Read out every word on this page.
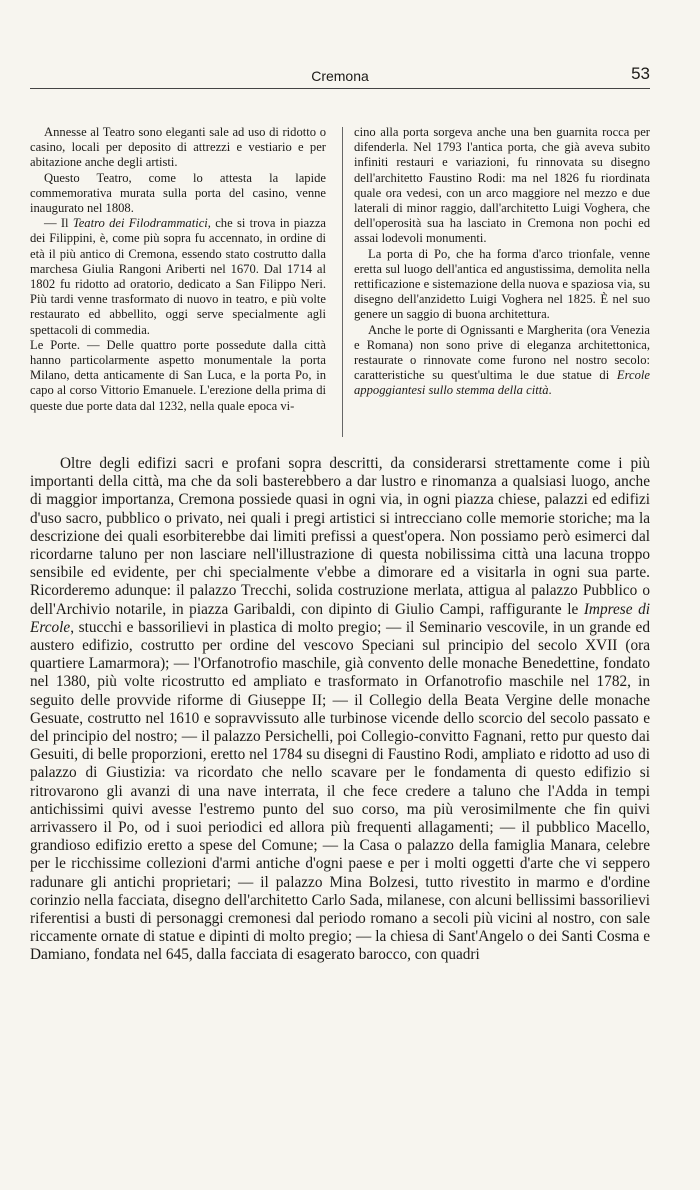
Cremona	53

Annesse al Teatro sono eleganti sale ad uso di ridotto o casino, locali per deposito di attrezzi e vestiario e per abitazione anche degli artisti.

Questo Teatro, come lo attesta la lapide commemorativa murata sulla porta del casino, venne inaugurato nel 1808.

— Il Teatro dei Filodrammatici, che si trova in piazza dei Filippini, è, come più sopra fu accennato, in ordine di età il più antico di Cremona, essendo stato costrutto dalla marchesa Giulia Rangoni Ariberti nel 1670. Dal 1714 al 1802 fu ridotto ad oratorio, dedicato a San Filippo Neri. Più tardi venne trasformato di nuovo in teatro, e più volte restaurato ed abbellito, oggi serve specialmente agli spettacoli di commedia.

Le Porte. — Delle quattro porte possedute dalla città hanno particolarmente aspetto monumentale la porta Milano, detta anticamente di San Luca, e la porta Po, in capo al corso Vittorio Emanuele. L'erezione della prima di queste due porte data dal 1232, nella quale epoca vi-

cino alla porta sorgeva anche una ben guarnita rocca per difenderla. Nel 1793 l'antica porta, che già aveva subito infiniti restauri e variazioni, fu rinnovata su disegno dell'architetto Faustino Rodi: ma nel 1826 fu riordinata quale ora vedesi, con un arco maggiore nel mezzo e due laterali di minor raggio, dall'architetto Luigi Voghera, che dell'operosità sua ha lasciato in Cremona non pochi ed assai lodevoli monumenti.

La porta di Po, che ha forma d'arco trionfale, venne eretta sul luogo dell'antica ed angustissima, demolita nella rettificazione e sistemazione della nuova e spaziosa via, su disegno dell'anzidetto Luigi Voghera nel 1825. È nel suo genere un saggio di buona architettura.

Anche le porte di Ognissanti e Margherita (ora Venezia e Romana) non sono prive di eleganza architettonica, restaurate o rinnovate come furono nel nostro secolo: caratteristiche su quest'ultima le due statue di Ercole appoggiantesi sullo stemma della città.

Oltre degli edifizi sacri e profani sopra descritti, da considerarsi strettamente come i più importanti della città, ma che da soli basterebbero a dar lustro e rinomanza a qualsiasi luogo, anche di maggior importanza, Cremona possiede quasi in ogni via, in ogni piazza chiese, palazzi ed edifizi d'uso sacro, pubblico o privato, nei quali i pregi artistici si intrecciano colle memorie storiche; ma la descrizione dei quali esorbiterebbe dai limiti prefissi a quest'opera. Non possiamo però esimerci dal ricordarne taluno per non lasciare nell'illustrazione di questa nobilissima città una lacuna troppo sensibile ed evidente, per chi specialmente v'ebbe a dimorare ed a visitarla in ogni sua parte. Ricorderemo adunque: il palazzo Trecchi, solida costruzione merlata, attigua al palazzo Pubblico o dell'Archivio notarile, in piazza Garibaldi, con dipinto di Giulio Campi, raffigurante le Imprese di Ercole, stucchi e bassorilievi in plastica di molto pregio; — il Seminario vescovile, in un grande ed austero edifizio, costrutto per ordine del vescovo Speciani sul principio del secolo XVII (ora quartiere Lamarmora); — l'Orfanotrofio maschile, già convento delle monache Benedettine, fondato nel 1380, più volte ricostrutto ed ampliato e trasformato in Orfanotrofio maschile nel 1782, in seguito delle provvide riforme di Giuseppe II; — il Collegio della Beata Vergine delle monache Gesuate, costrutto nel 1610 e sopravvissuto alle turbinose vicende dello scorcio del secolo passato e del principio del nostro; — il palazzo Persichelli, poi Collegio-convitto Fagnani, retto pur questo dai Gesuiti, di belle proporzioni, eretto nel 1784 su disegni di Faustino Rodi, ampliato e ridotto ad uso di palazzo di Giustizia: va ricordato che nello scavare per le fondamenta di questo edifizio si ritrovarono gli avanzi di una nave interrata, il che fece credere a taluno che l'Adda in tempi antichissimi quivi avesse l'estremo punto del suo corso, ma più verosimilmente che fin quivi arrivassero il Po, od i suoi periodici ed allora più frequenti allagamenti; — il pubblico Macello, grandioso edifizio eretto a spese del Comune; — la Casa o palazzo della famiglia Manara, celebre per le ricchissime collezioni d'armi antiche d'ogni paese e per i molti oggetti d'arte che vi seppero radunare gli antichi proprietari; — il palazzo Mina Bolzesi, tutto rivestito in marmo e d'ordine corinzio nella facciata, disegno dell'architetto Carlo Sada, milanese, con alcuni bellissimi bassorilievi riferentisi a busti di personaggi cremonesi dal periodo romano a secoli più vicini al nostro, con sale riccamente ornate di statue e dipinti di molto pregio; — la chiesa di Sant'Angelo o dei Santi Cosma e Damiano, fondata nel 645, dalla facciata di esagerato barocco, con quadri
